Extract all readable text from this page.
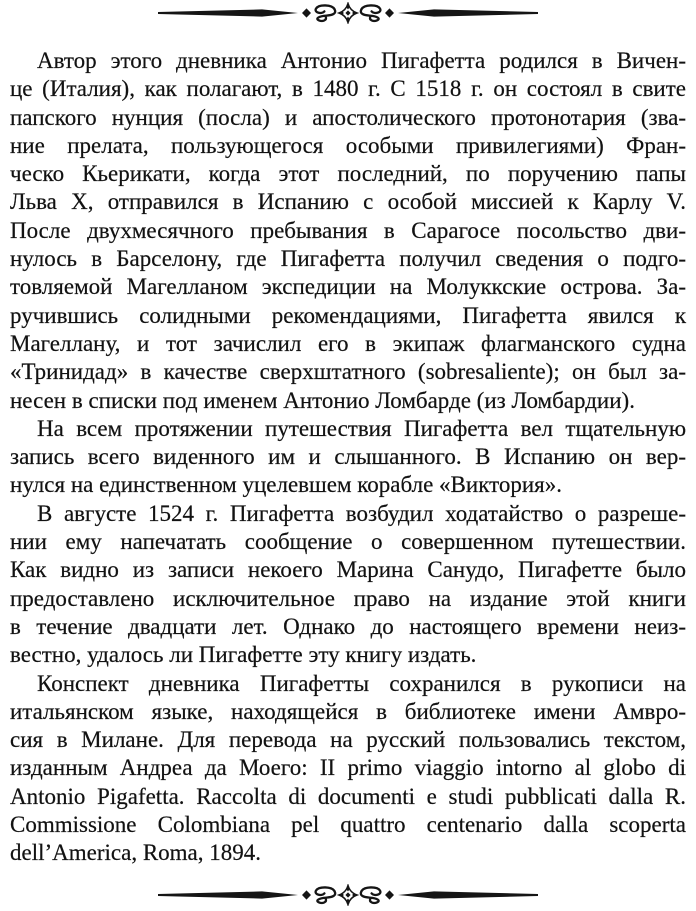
Автор этого дневника Антонио Пигафетта родился в Вичен-
це (Италия), как полагают, в 1480 г. С 1518 г. он состоял в свите
папского нунция (посла) и апостолического протонотария (зва-
ние прелата, пользующегося особыми привилегиями) Фран-
ческо Кьерикати, когда этот последний, по поручению папы
Льва X, отправился в Испанию с особой миссией к Карлу V.
После двухмесячного пребывания в Сарагосе посольство дви-
нулось в Барселону, где Пигафетта получил сведения о подго-
товляемой Магелланом экспедиции на Молуккские острова. За-
ручившись солидными рекомендациями, Пигафетта явился к
Магеллану, и тот зачислил его в экипаж флагманского судна
«Тринидад» в качестве сверхштатного (sobresaliente); он был за-
несен в списки под именем Антонио Ломбарде (из Ломбардии).

На всем протяжении путешествия Пигафетта вел тщательную
запись всего виденного им и слышанного. В Испанию он вер-
нулся на единственном уцелевшем корабле «Виктория».

В августе 1524 г. Пигафетта возбудил ходатайство о разреше-
нии ему напечатать сообщение о совершенном путешествии.
Как видно из записи некоего Марина Санудо, Пигафетте было
предоставлено исключительное право на издание этой книги
в течение двадцати лет. Однако до настоящего времени неиз-
вестно, удалось ли Пигафетте эту книгу издать.

Конспект дневника Пигафетты сохранился в рукописи на
итальянском языке, находящейся в библиотеке имени Амвро-
сия в Милане. Для перевода на русский пользовались текстом,
изданным Андреа да Моего: II primo viaggio intorno al globo di
Antonio Pigafetta. Raccolta di documenti e studi pubblicati dalla R.
Commissione Colombiana pel quattro centenario dalla scoperta
dell’America, Roma, 1894.
